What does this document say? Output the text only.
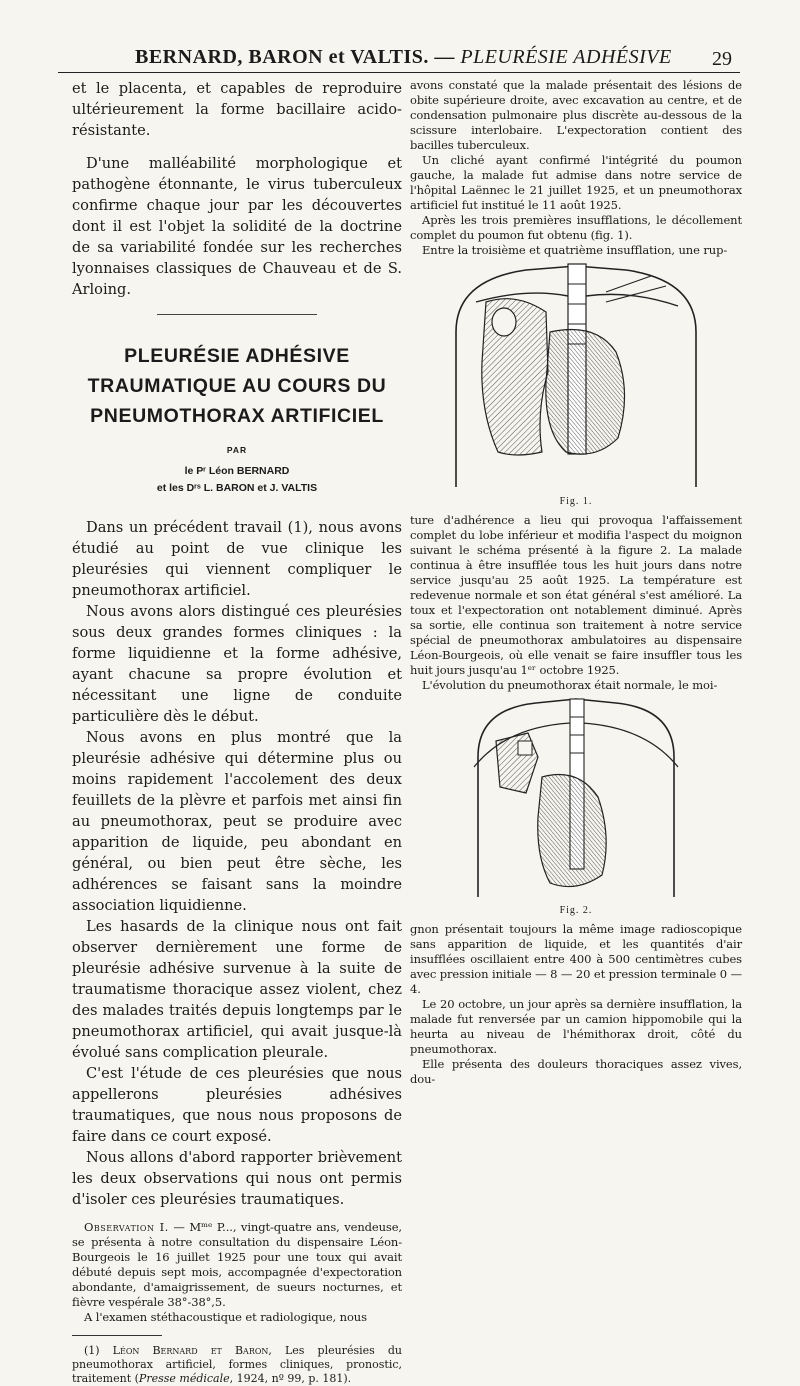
BERNARD, BARON et VALTIS. — PLEURÉSIE ADHÉSIVE 29

et le placenta, et capables de reproduire ultérieurement la forme bacillaire acido-résistante.

D'une malléabilité morphologique et pathogène étonnante, le virus tuberculeux confirme chaque jour par les découvertes dont il est l'objet la solidité de la doctrine de sa variabilité fondée sur les recherches lyonnaises classiques de Chauveau et de S. Arloing.

PLEURÉSIE ADHÉSIVE

TRAUMATIQUE AU COURS DU

PNEUMOTHORAX ARTIFICIEL

PAR
le Pʳ Léon BERNARD
et les Dʳˢ L. BARON et J. VALTIS

Dans un précédent travail (1), nous avons étudié au point de vue clinique les pleurésies qui viennent compliquer le pneumothorax artificiel.

Nous avons alors distingué ces pleurésies sous deux grandes formes cliniques : la forme liquidienne et la forme adhésive, ayant chacune sa propre évolution et nécessitant une ligne de conduite particulière dès le début.

Nous avons en plus montré que la pleurésie adhésive qui détermine plus ou moins rapidement l'accolement des deux feuillets de la plèvre et parfois met ainsi fin au pneumothorax, peut se produire avec apparition de liquide, peu abondant en général, ou bien peut être sèche, les adhérences se faisant sans la moindre association liquidienne.

Les hasards de la clinique nous ont fait observer dernièrement une forme de pleurésie adhésive survenue à la suite de traumatisme thoracique assez violent, chez des malades traités depuis longtemps par le pneumothorax artificiel, qui avait jusque-là évolué sans complication pleurale.

C'est l'étude de ces pleurésies que nous appellerons pleurésies adhésives traumatiques, que nous nous proposons de faire dans ce court exposé.

Nous allons d'abord rapporter brièvement les deux observations qui nous ont permis d'isoler ces pleurésies traumatiques.

Observation I. — Mᵐᵉ P..., vingt-quatre ans, vendeuse, se présenta à notre consultation du dispensaire Léon-Bourgeois le 16 juillet 1925 pour une toux qui avait débuté depuis sept mois, accompagnée d'expectoration abondante, d'amaigrissement, de sueurs nocturnes, et fièvre vespérale 38°-38°,5.

A l'examen stéthacoustique et radiologique, nous

(1) Léon Bernard et Baron, Les pleurésies du pneumothorax artificiel, formes cliniques, pronostic, traitement (Presse médicale, 1924, nº 99, p. 181).

avons constaté que la malade présentait des lésions de obite supérieure droite, avec excavation au centre, et de condensation pulmonaire plus discrète au-dessous de la scissure interlobaire. L'expectoration contient des bacilles tuberculeux.

Un cliché ayant confirmé l'intégrité du poumon gauche, la malade fut admise dans notre service de l'hôpital Laënnec le 21 juillet 1925, et un pneumothorax artificiel fut institué le 11 août 1925.

Après les trois premières insufflations, le décollement complet du poumon fut obtenu (fig. 1).

Entre la troisième et quatrième insufflation, une rup-

Fig. 1.

ture d'adhérence a lieu qui provoqua l'affaissement complet du lobe inférieur et modifia l'aspect du moignon suivant le schéma présenté à la figure 2. La malade continua à être insufflée tous les huit jours dans notre service jusqu'au 25 août 1925. La température est redevenue normale et son état général s'est amélioré. La toux et l'expectoration ont notablement diminué. Après sa sortie, elle continua son traitement à notre service spécial de pneumothorax ambulatoires au dispensaire Léon-Bourgeois, où elle venait se faire insuffler tous les huit jours jusqu'au 1ᵉʳ octobre 1925.

L'évolution du pneumothorax était normale, le moi-

Fig. 2.

gnon présentait toujours la même image radioscopique sans apparition de liquide, et les quantités d'air insufflées oscillaient entre 400 à 500 centimètres cubes avec pression initiale — 8 — 20 et pression terminale 0 — 4.

Le 20 octobre, un jour après sa dernière insufflation, la malade fut renversée par un camion hippomobile qui la heurta au niveau de l'hémithorax droit, côté du pneumothorax.

Elle présenta des douleurs thoraciques assez vives, dou-
